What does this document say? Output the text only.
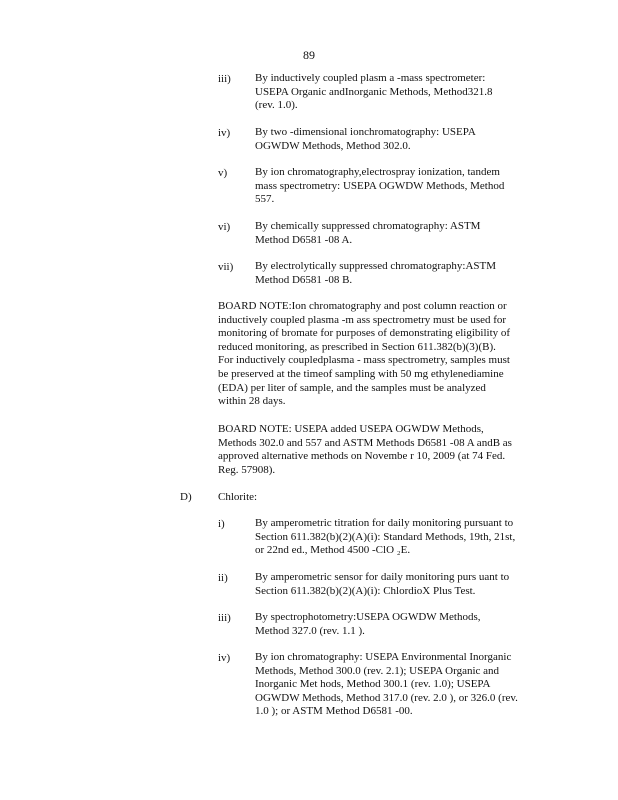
89
iii) By inductively coupled plasm a -mass spectrometer:
USEPA Organic andInorganic Methods, Method321.8
(rev. 1.0).
iv) By two -dimensional ionchromatography: USEPA
OGWDW Methods, Method 302.0.
v)	By ion chromatography,electrospray ionization, tandem
mass spectrometry: USEPA OGWDW Methods, Method
557.
vi) By chemically suppressed chromatography: ASTM
Method D6581 -08 A.
vii) By electrolytically suppressed chromatography:ASTM
Method D6581 -08 B.
BOARD NOTE:Ion chromatography and post column reaction or
inductively coupled plasma -m ass spectrometry must be used for
monitoring of bromate for purposes of demonstrating eligibility of
reduced monitoring, as prescribed in Section 611.382(b)(3)(B).
For inductively coupledplasma - mass spectrometry, samples must
be preserved at the timeof sampling with 50 mg ethylenediamine
(EDA) per liter of sample, and the samples must be analyzed
within 28 days.
BOARD NOTE: USEPA added USEPA OGWDW Methods,
Methods 302.0 and 557 and ASTM Methods D6581 -08 A andB as
approved alternative methods on Novembe r 10, 2009 (at 74 Fed.
Reg. 57908).
D) Chlorite:
i)	By amperometric titration for daily monitoring pursuant to
Section 611.382(b)(2)(A)(i): Standard Methods, 19th, 21st,
or 22nd ed., Method 4500 -ClO ₂E.
ii) By amperometric sensor for daily monitoring purs uant to
Section 611.382(b)(2)(A)(i): ChlordioX Plus Test.
iii) By spectrophotometry:USEPA OGWDW Methods,
Method 327.0 (rev. 1.1 ).
iv) By ion chromatography: USEPA Environmental Inorganic
Methods, Method 300.0 (rev. 2.1); USEPA Organic and
Inorganic Met hods, Method 300.1 (rev. 1.0); USEPA
OGWDW Methods, Method 317.0 (rev. 2.0 ), or 326.0 (rev.
1.0 ); or ASTM Method D6581 -00.
